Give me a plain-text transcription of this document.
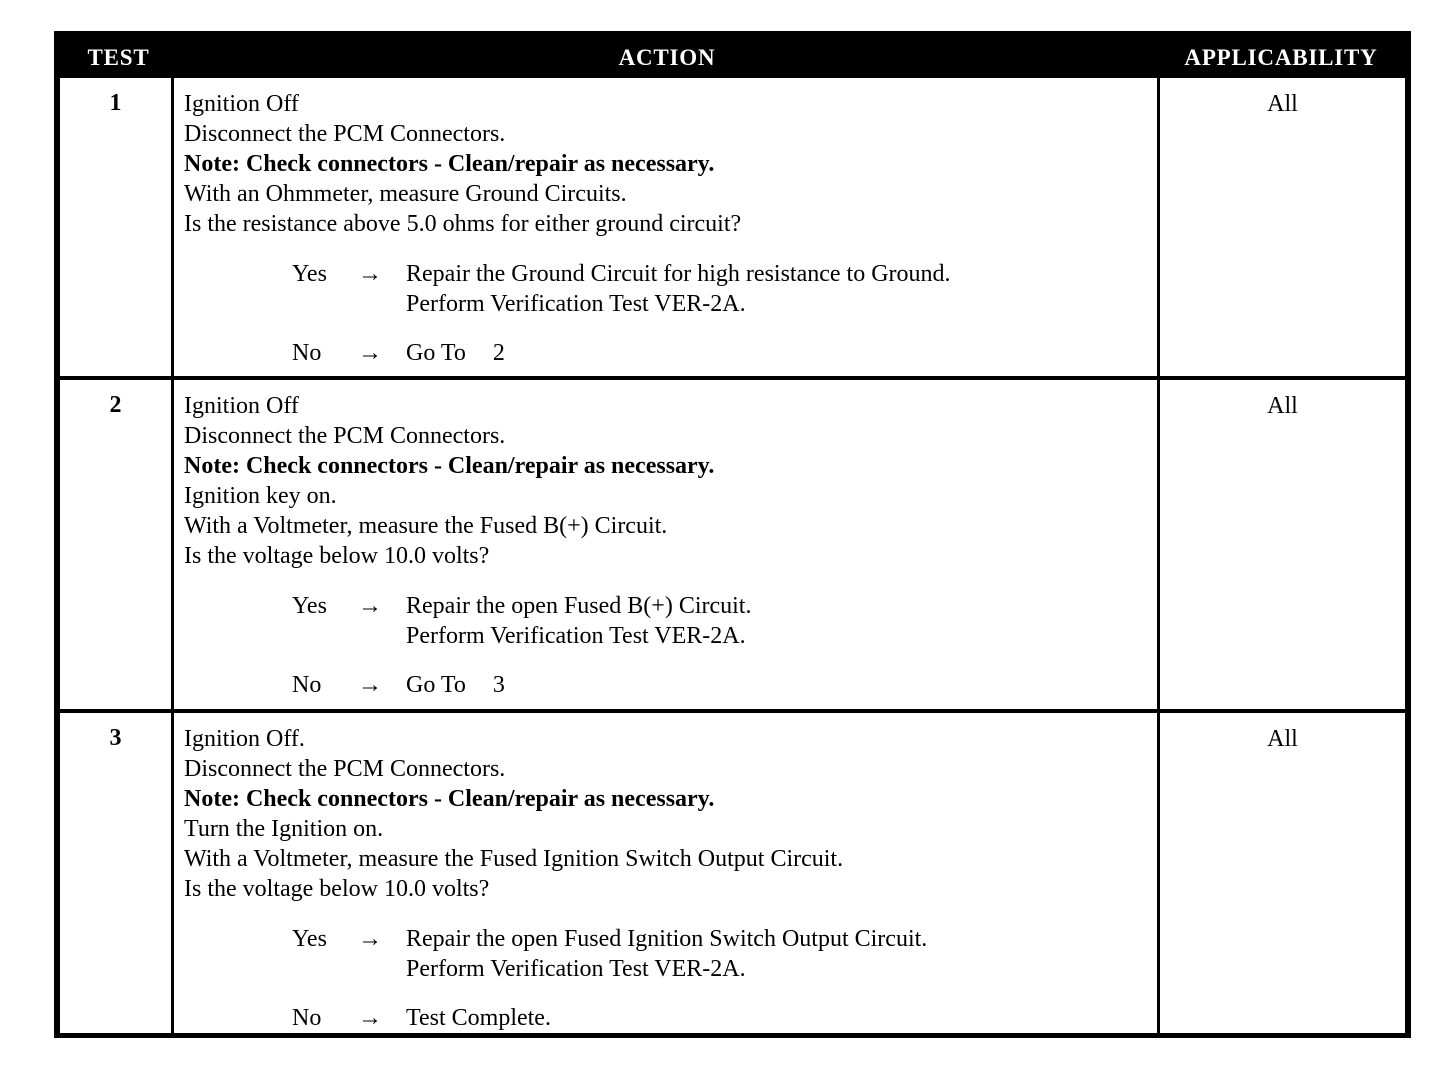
TEST	ACTION	APPLICABILITY
1	Ignition Off
Disconnect the PCM Connectors.
Note: Check connectors - Clean/repair as necessary.
With an Ohmmeter, measure Ground Circuits.
Is the resistance above 5.0 ohms for either ground circuit?
Yes	→	Repair the Ground Circuit for high resistance to Ground.
Perform Verification Test VER-2A.
No	→	Go To 2
All
2	Ignition Off
Disconnect the PCM Connectors.
Note: Check connectors - Clean/repair as necessary.
Ignition key on.
With a Voltmeter, measure the Fused B(+) Circuit.
Is the voltage below 10.0 volts?
Yes	→	Repair the open Fused B(+) Circuit.
Perform Verification Test VER-2A.
No	→	Go To 3
All
3	Ignition Off.
Disconnect the PCM Connectors.
Note: Check connectors - Clean/repair as necessary.
Turn the Ignition on.
With a Voltmeter, measure the Fused Ignition Switch Output Circuit.
Is the voltage below 10.0 volts?
Yes	→	Repair the open Fused Ignition Switch Output Circuit.
Perform Verification Test VER-2A.
No	→	Test Complete.
All
